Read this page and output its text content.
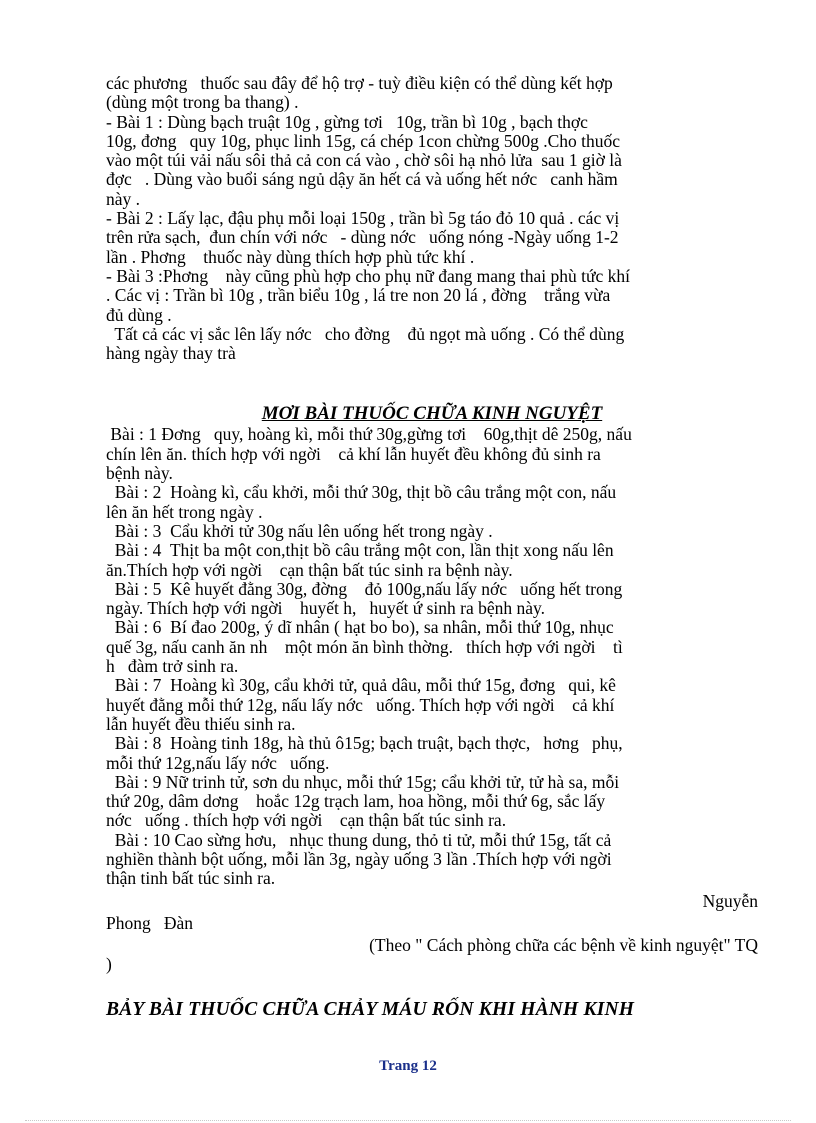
các phương   thuốc sau đây để hộ trợ - tuỳ điều kiện có thể dùng kết hợp
(dùng một trong ba thang) .
- Bài 1 : Dùng bạch truật 10g , gừng tơi   10g, trần bì 10g , bạch thợc
10g, đơng   quy 10g, phục linh 15g, cá chép 1con chừng 500g .Cho thuốc
vào một túi vải nấu sôi thả cả con cá vào , chờ sôi hạ nhỏ lửa  sau 1 giờ là
đợc   . Dùng vào buổi sáng ngủ dậy ăn hết cá và uống hết nớc   canh hầm
này .
- Bài 2 : Lấy lạc, đậu phụ mỗi loại 150g , trần bì 5g táo đỏ 10 quả . các vị
trên rửa sạch,  đun chín với nớc   - dùng nớc   uống nóng -Ngày uống 1-2
lần . Phơng    thuốc này dùng thích hợp phù tức khí .
- Bài 3 :Phơng    này cũng phù hợp cho phụ nữ đang mang thai phù tức khí
. Các vị : Trần bì 10g , trần biểu 10g , lá tre non 20 lá , đờng    trắng vừa
đủ dùng .
Tất cả các vị sắc lên lấy nớc   cho đờng    đủ ngọt mà uống . Có thể dùng
hàng ngày thay trà
MƠI BÀI THUỐC CHỮA KINH NGUYỆT
Bài : 1 Đơng   quy, hoàng kì, mỗi thứ 30g,gừng tơi    60g,thịt dê 250g, nấu
chín lên ăn. thích hợp với ngời    cả khí lẫn huyết đều không đủ sinh ra
bệnh này.
Bài : 2  Hoàng kì, cẩu khởi, mỗi thứ 30g, thịt bồ câu trắng một con, nấu
lên ăn hết trong ngày .
Bài : 3  Cẩu khởi tử 30g nấu lên uống hết trong ngày .
Bài : 4  Thịt ba một con,thịt bồ câu trắng một con, lần thịt xong nấu lên
ăn.Thích hợp với ngời    cạn thận bất túc sinh ra bệnh này.
Bài : 5  Kê huyết đằng 30g, đờng    đỏ 100g,nấu lấy nớc   uống hết trong
ngày. Thích hợp với ngời    huyết h,   huyết ứ sinh ra bệnh này.
Bài : 6  Bí đao 200g, ý dĩ nhân ( hạt bo bo), sa nhân, mỗi thứ 10g, nhục
quế 3g, nấu canh ăn nh    một món ăn bình thờng.   thích hợp với ngời    tì
h   đàm trở sinh ra.
Bài : 7  Hoàng kì 30g, cẩu khởi tử, quả dâu, mỗi thứ 15g, đơng   qui, kê
huyết đằng mỗi thứ 12g, nấu lấy nớc   uống. Thích hợp với ngời    cả khí
lẫn huyết đều thiếu sinh ra.
Bài : 8  Hoàng tinh 18g, hà thủ ô15g; bạch truật, bạch thợc,   hơng   phụ,
mỗi thứ 12g,nấu lấy nớc   uống.
Bài : 9 Nữ trinh tử, sơn du nhục, mỗi thứ 15g; cẩu khởi tử, tử hà sa, mỗi
thứ 20g, dâm dơng    hoắc 12g trạch lam, hoa hồng, mỗi thứ 6g, sắc lấy
nớc   uống . thích hợp với ngời    cạn thận bất túc sinh ra.
Bài : 10 Cao sừng hơu,   nhục thung dung, thỏ ti tử, mỗi thứ 15g, tất cả
nghiền thành bột uống, mỗi lần 3g, ngày uống 3 lần .Thích hợp với ngời
thận tinh bất túc sinh ra.
Nguyễn
Phong   Đàn
(Theo " Cách phòng chữa các bệnh về kinh nguyệt" TQ
)
BẢY BÀI THUỐC CHỮA CHẢY MÁU RỐN KHI HÀNH KINH
Trang 12
